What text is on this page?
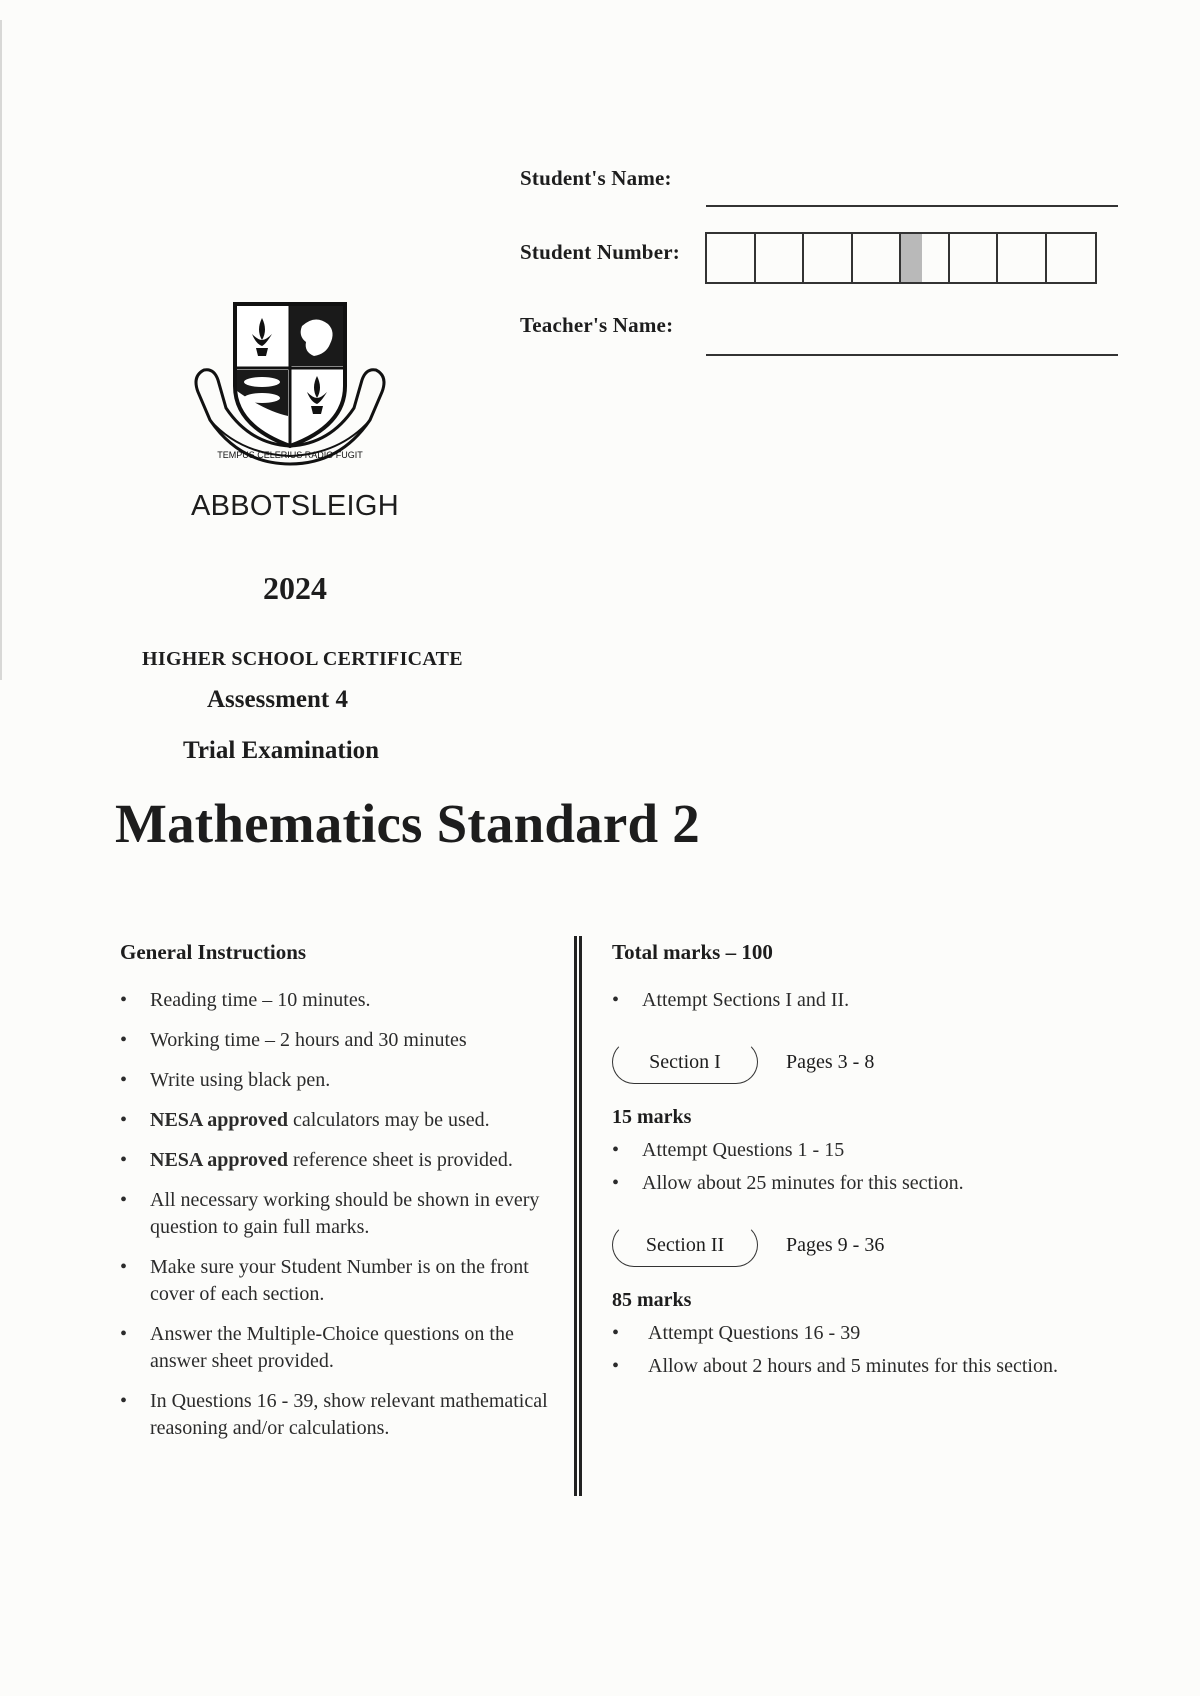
Student's Name:
Student Number:
Teacher's Name:
TEMPUS CELERIUS RADIO FUGIT
ABBOTSLEIGH
2024
HIGHER SCHOOL CERTIFICATE
Assessment 4
Trial Examination
Mathematics Standard 2
General Instructions
• Reading time – 10 minutes.
• Working time – 2 hours and 30 minutes
• Write using black pen.
• NESA approved calculators may be used.
• NESA approved reference sheet is provided.
• All necessary working should be shown in every question to gain full marks.
• Make sure your Student Number is on the front cover of each section.
• Answer the Multiple-Choice questions on the answer sheet provided.
• In Questions 16 - 39, show relevant mathematical reasoning and/or calculations.
Total marks – 100
• Attempt Sections I and II.
Section I	Pages 3 - 8
15 marks
• Attempt Questions 1 - 15
• Allow about 25 minutes for this section.
Section II	Pages 9 - 36
85 marks
• Attempt Questions 16 - 39
• Allow about 2 hours and 5 minutes for this section.
